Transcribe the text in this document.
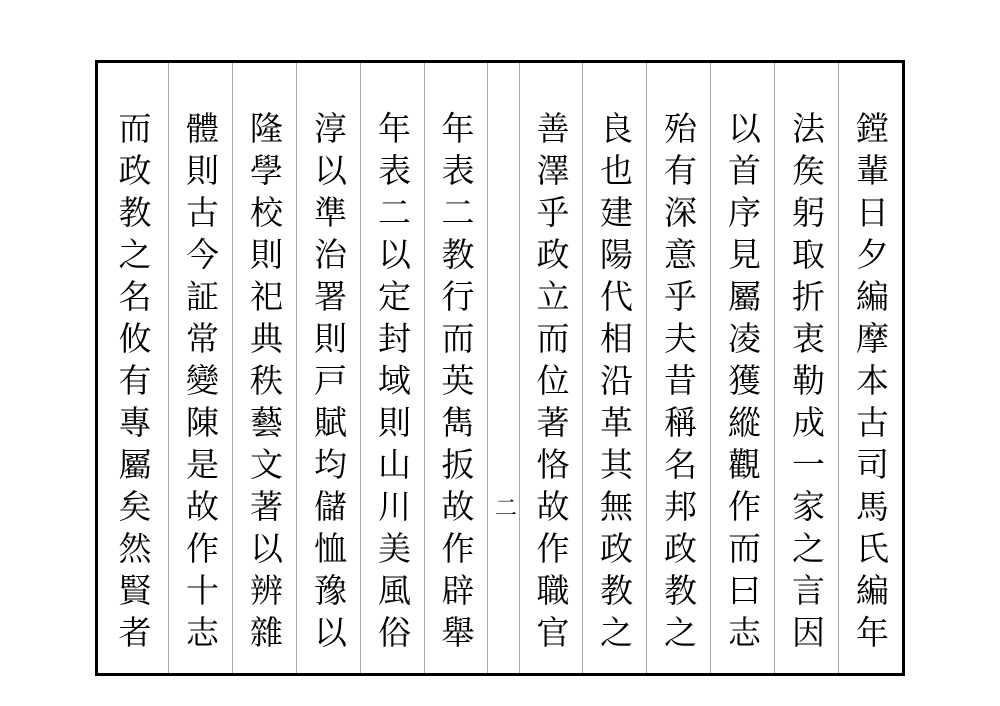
而政教之名攸有專屬矣然賢者 體則古今証常變陳是故作十志 隆學校則祀典秩藝文著以辨雜 淳以準治署則戸賦均儲恤豫以 年表二以定封域則山川美風俗 年表二教行而英雋扳故作辟舉 二 善澤乎政立而位著恪故作職官 良也建陽代相沿革其無政教之 殆有深意乎夫昔稱名邦政教之 以首序見屬凌獲縱觀作而曰志 法矦躬取折衷勒成一家之言因 鏜輩日夕編摩本古司馬氏編年
